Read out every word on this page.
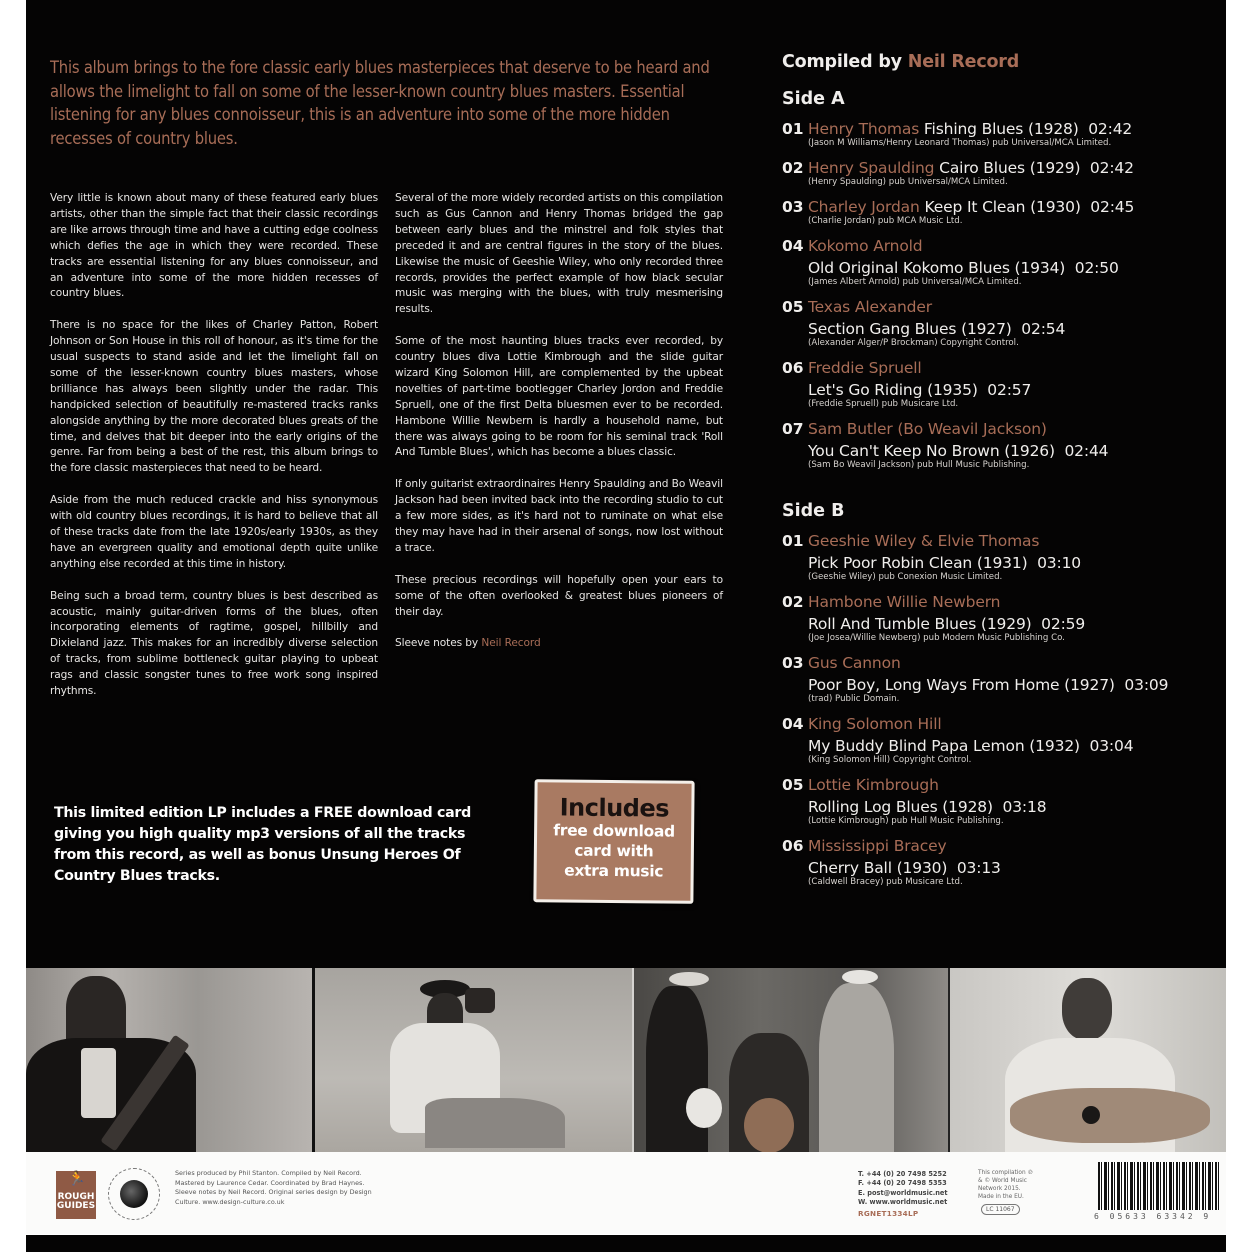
This album brings to the fore classic early blues masterpieces that deserve to be heard and allows the limelight to fall on some of the lesser-known country blues masters. Essential listening for any blues connoisseur, this is an adventure into some of the more hidden recesses of country blues.

Very little is known about many of these featured early blues artists, other than the simple fact that their classic recordings are like arrows through time and have a cutting edge coolness which defies the age in which they were recorded. These tracks are essential listening for any blues connoisseur, and an adventure into some of the more hidden recesses of country blues.

There is no space for the likes of Charley Patton, Robert Johnson or Son House in this roll of honour, as it's time for the usual suspects to stand aside and let the limelight fall on some of the lesser-known country blues masters, whose brilliance has always been slightly under the radar. This handpicked selection of beautifully re-mastered tracks ranks alongside anything by the more decorated blues greats of the time, and delves that bit deeper into the early origins of the genre. Far from being a best of the rest, this album brings to the fore classic masterpieces that need to be heard.

Aside from the much reduced crackle and hiss synonymous with old country blues recordings, it is hard to believe that all of these tracks date from the late 1920s/early 1930s, as they have an evergreen quality and emotional depth quite unlike anything else recorded at this time in history.

Being such a broad term, country blues is best described as acoustic, mainly guitar-driven forms of the blues, often incorporating elements of ragtime, gospel, hillbilly and Dixieland jazz. This makes for an incredibly diverse selection of tracks, from sublime bottleneck guitar playing to upbeat rags and classic songster tunes to free work song inspired rhythms.

Several of the more widely recorded artists on this compilation such as Gus Cannon and Henry Thomas bridged the gap between early blues and the minstrel and folk styles that preceded it and are central figures in the story of the blues. Likewise the music of Geeshie Wiley, who only recorded three records, provides the perfect example of how black secular music was merging with the blues, with truly mesmerising results.

Some of the most haunting blues tracks ever recorded, by country blues diva Lottie Kimbrough and the slide guitar wizard King Solomon Hill, are complemented by the upbeat novelties of part-time bootlegger Charley Jordon and Freddie Spruell, one of the first Delta bluesmen ever to be recorded. Hambone Willie Newbern is hardly a household name, but there was always going to be room for his seminal track 'Roll And Tumble Blues', which has become a blues classic.

If only guitarist extraordinaires Henry Spaulding and Bo Weavil Jackson had been invited back into the recording studio to cut a few more sides, as it's hard not to ruminate on what else they may have had in their arsenal of songs, now lost without a trace.

These precious recordings will hopefully open your ears to some of the often overlooked & greatest blues pioneers of their day.

Sleeve notes by Neil Record

Compiled by Neil Record
Side A
01 Henry Thomas Fishing Blues (1928) 02:42
(Jason M Williams/Henry Leonard Thomas) pub Universal/MCA Limited.
02 Henry Spaulding Cairo Blues (1929) 02:42
(Henry Spaulding) pub Universal/MCA Limited.
03 Charley Jordan Keep It Clean (1930) 02:45
(Charlie Jordan) pub MCA Music Ltd.
04 Kokomo Arnold
Old Original Kokomo Blues (1934) 02:50
(James Albert Arnold) pub Universal/MCA Limited.
05 Texas Alexander
Section Gang Blues (1927) 02:54
(Alexander Alger/P Brockman) Copyright Control.
06 Freddie Spruell
Let's Go Riding (1935) 02:57
(Freddie Spruell) pub Musicare Ltd.
07 Sam Butler (Bo Weavil Jackson)
You Can't Keep No Brown (1926) 02:44
(Sam Bo Weavil Jackson) pub Hull Music Publishing.
Side B
01 Geeshie Wiley & Elvie Thomas
Pick Poor Robin Clean (1931) 03:10
(Geeshie Wiley) pub Conexion Music Limited.
02 Hambone Willie Newbern
Roll And Tumble Blues (1929) 02:59
(Joe Josea/Willie Newberg) pub Modern Music Publishing Co.
03 Gus Cannon
Poor Boy, Long Ways From Home (1927) 03:09
(trad) Public Domain.
04 King Solomon Hill
My Buddy Blind Papa Lemon (1932) 03:04
(King Solomon Hill) Copyright Control.
05 Lottie Kimbrough
Rolling Log Blues (1928) 03:18
(Lottie Kimbrough) pub Hull Music Publishing.
06 Mississippi Bracey
Cherry Ball (1930) 03:13
(Caldwell Bracey) pub Musicare Ltd.
This limited edition LP includes a FREE download card giving you high quality mp3 versions of all the tracks from this record, as well as bonus Unsung Heroes Of Country Blues tracks.
Includes
free download
card with
extra music
🏃
ROUGH
GUIDES
Series produced by Phil Stanton. Compiled by Neil Record. Mastered by Laurence Cedar. Coordinated by Brad Haynes. Sleeve notes by Neil Record. Original series design by Design Culture. www.design-culture.co.uk
T. +44 (0) 20 7498 5252
F. +44 (0) 20 7498 5353
E. post@worldmusic.net
W. www.worldmusic.net
RGNET1334LP
This compilation ℗ & © World Music Network 2015. Made in the EU.
LC 11067
6 05633 63342 9
